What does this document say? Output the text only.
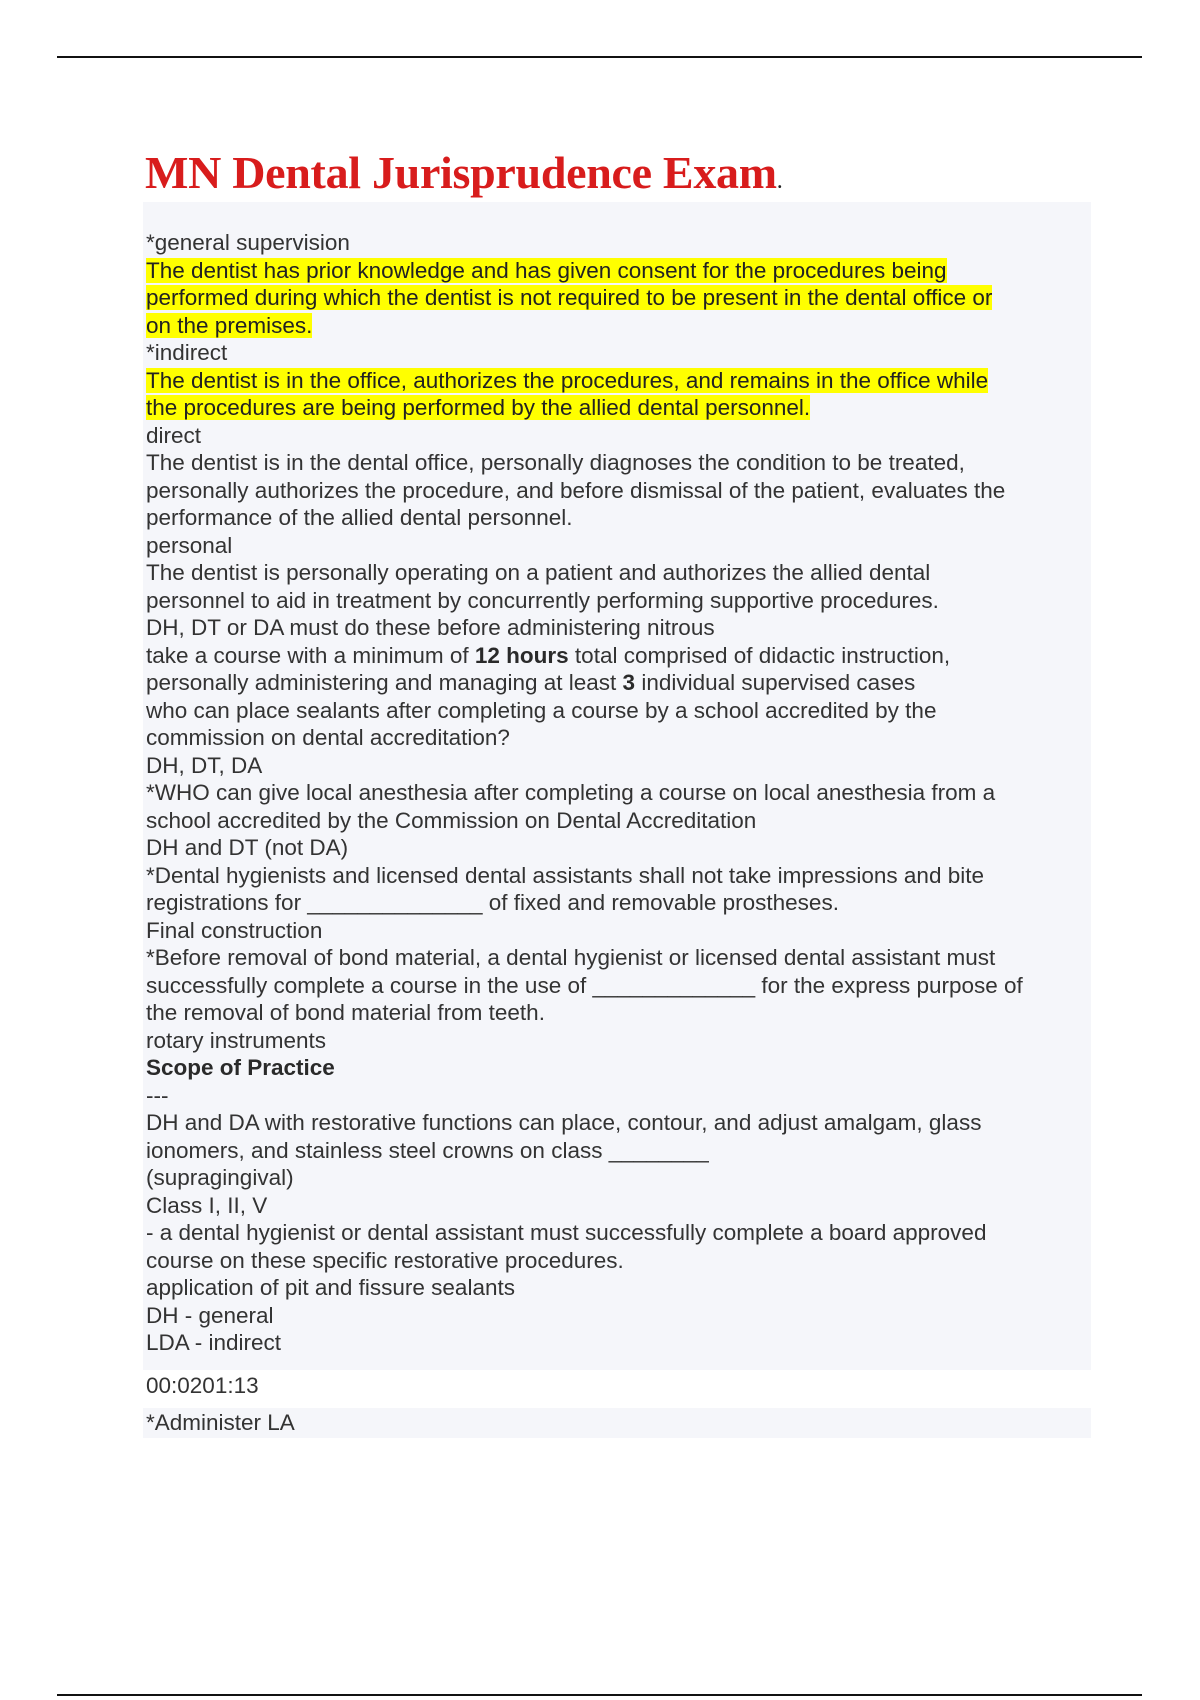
MN Dental Jurisprudence Exam.
*general supervision
The dentist has prior knowledge and has given consent for the procedures being
performed during which the dentist is not required to be present in the dental office or
on the premises.
*indirect
The dentist is in the office, authorizes the procedures, and remains in the office while
the procedures are being performed by the allied dental personnel.
direct
The dentist is in the dental office, personally diagnoses the condition to be treated,
personally authorizes the procedure, and before dismissal of the patient, evaluates the
performance of the allied dental personnel.
personal
The dentist is personally operating on a patient and authorizes the allied dental
personnel to aid in treatment by concurrently performing supportive procedures.
DH, DT or DA must do these before administering nitrous
take a course with a minimum of 12 hours total comprised of didactic instruction,
personally administering and managing at least 3 individual supervised cases
who can place sealants after completing a course by a school accredited by the
commission on dental accreditation?
DH, DT, DA
*WHO can give local anesthesia after completing a course on local anesthesia from a
school accredited by the Commission on Dental Accreditation
DH and DT (not DA)
*Dental hygienists and licensed dental assistants shall not take impressions and bite
registrations for ______________ of fixed and removable prostheses.
Final construction
*Before removal of bond material, a dental hygienist or licensed dental assistant must
successfully complete a course in the use of _____________ for the express purpose of
the removal of bond material from teeth.
rotary instruments
Scope of Practice
---
DH and DA with restorative functions can place, contour, and adjust amalgam, glass
ionomers, and stainless steel crowns on class ________
(supragingival)
Class I, II, V
- a dental hygienist or dental assistant must successfully complete a board approved
course on these specific restorative procedures.
application of pit and fissure sealants
DH - general
LDA - indirect
00:0201:13
*Administer LA
